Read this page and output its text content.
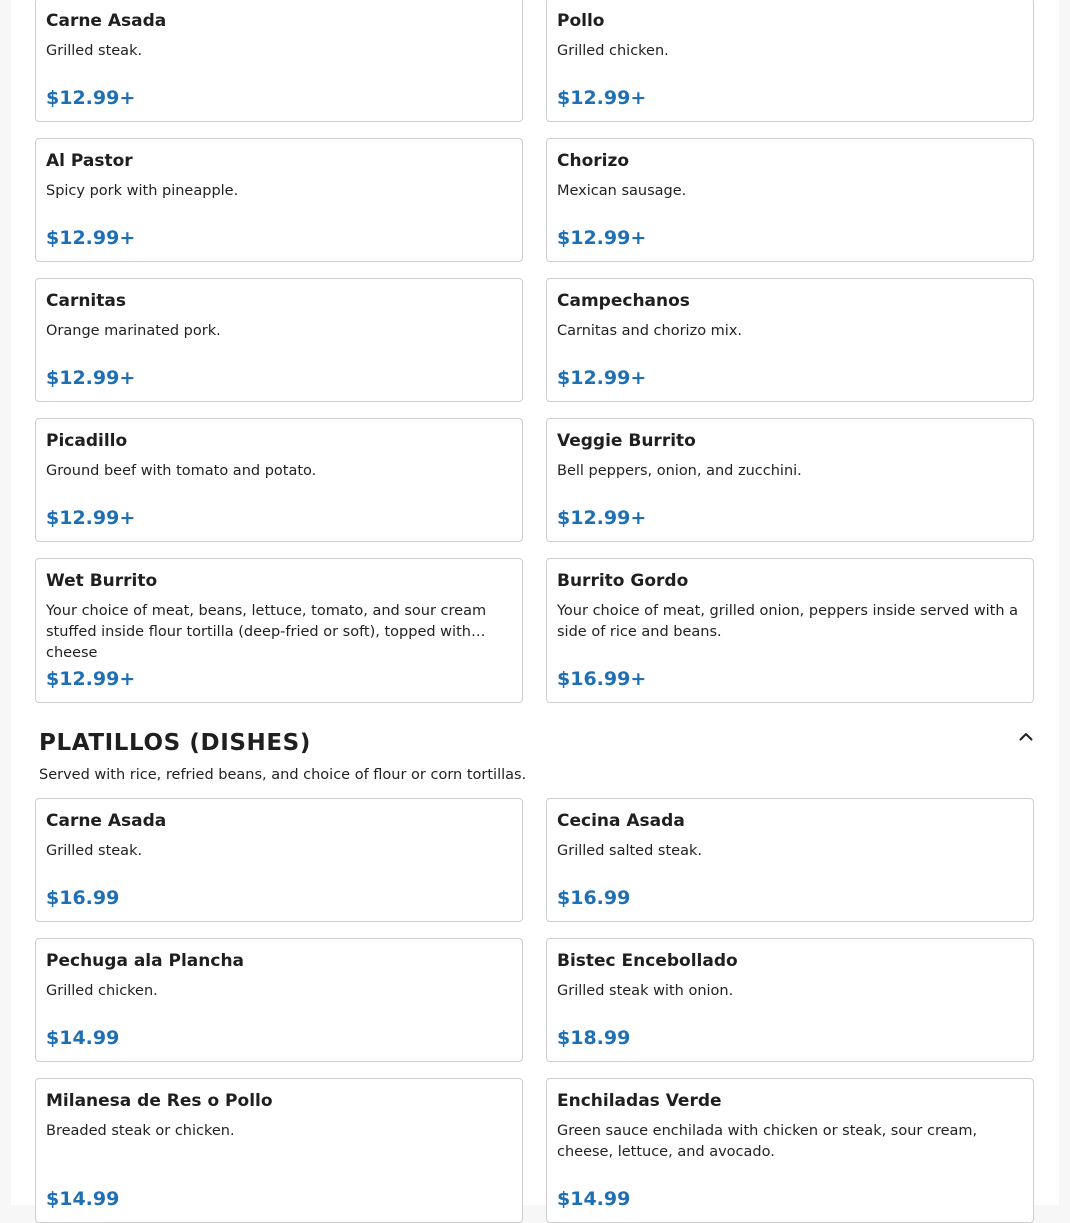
Carne Asada
Grilled steak.
$12.99+
Pollo
Grilled chicken.
$12.99+
Al Pastor
Spicy pork with pineapple.
$12.99+
Chorizo
Mexican sausage.
$12.99+
Carnitas
Orange marinated pork.
$12.99+
Campechanos
Carnitas and chorizo mix.
$12.99+
Picadillo
Ground beef with tomato and potato.
$12.99+
Veggie Burrito
Bell peppers, onion, and zucchini.
$12.99+
Wet Burrito
Your choice of meat, beans, lettuce, tomato, and sour cream stuffed inside flour tortilla (deep-fried or soft), topped with cheese
$12.99+
Burrito Gordo
Your choice of meat, grilled onion, peppers inside served with a side of rice and beans.
$16.99+
PLATILLOS (DISHES)
Served with rice, refried beans, and choice of flour or corn tortillas.
Carne Asada
Grilled steak.
$16.99
Cecina Asada
Grilled salted steak.
$16.99
Pechuga ala Plancha
Grilled chicken.
$14.99
Bistec Encebollado
Grilled steak with onion.
$18.99
Milanesa de Res o Pollo
Breaded steak or chicken.
$14.99
Enchiladas Verde
Green sauce enchilada with chicken or steak, sour cream, cheese, lettuce, and avocado.
$14.99
